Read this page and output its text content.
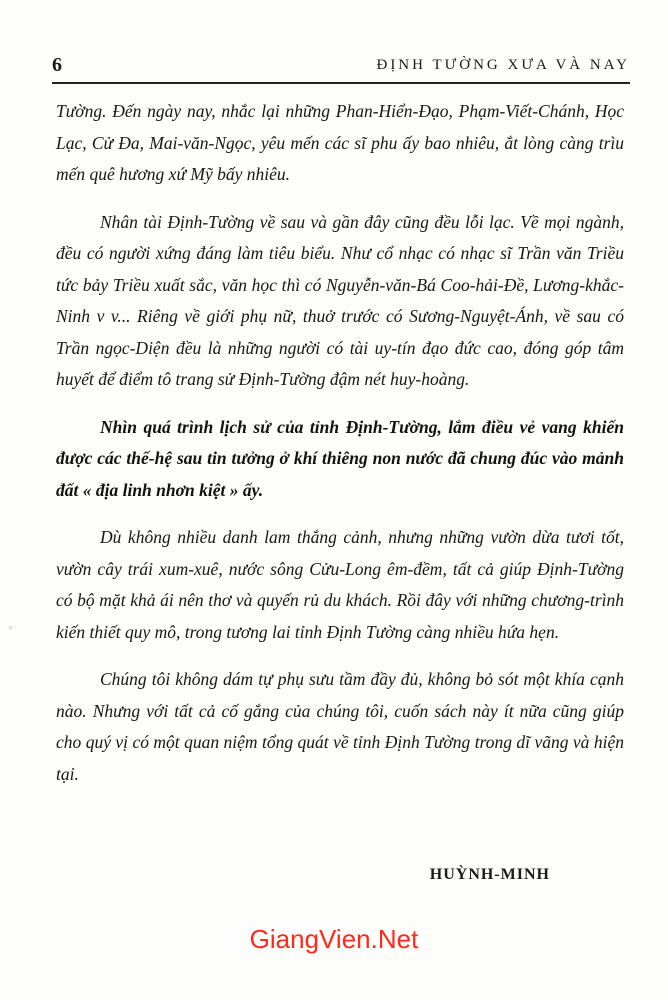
6	ĐỊNH TƯỜNG XƯA VÀ NAY

Tường. Đến ngày nay, nhắc lại những Phan-Hiển-Đạo, Phạm-Viết-Chánh, Học Lạc, Cử Đa, Mai-văn-Ngọc, yêu mến các sĩ phu ấy bao nhiêu, ắt lòng càng trìu mến quê hương xứ Mỹ bấy nhiêu.

Nhân tài Định-Tường về sau và gần đây cũng đều lỗi lạc. Về mọi ngành, đều có người xứng đáng làm tiêu biểu. Như cổ nhạc có nhạc sĩ Trần văn Triều tức bảy Triều xuất sắc, văn học thì có Nguyễn-văn-Bá Coo-hải-Đề, Lương-khắc-Ninh v v... Riêng về giới phụ nữ, thuở trước có Sương-Nguyệt-Ánh, về sau có Trần ngọc-Diện đều là những người có tài uy-tín đạo đức cao, đóng góp tâm huyết để điểm tô trang sử Định-Tường đậm nét huy-hoàng.

Nhìn quá trình lịch sử của tỉnh Định-Tường, lắm điều vẻ vang khiến được các thế-hệ sau tin tưởng ở khí thiêng non nước đã chung đúc vào mảnh đất « địa linh nhơn kiệt » ấy.

Dù không nhiều danh lam thắng cảnh, nhưng những vườn dừa tươi tốt, vườn cây trái xum-xuê, nước sông Cửu-Long êm-đềm, tất cả giúp Định-Tường có bộ mặt khả ái nên thơ và quyến rủ du khách. Rồi đây với những chương-trình kiến thiết quy mô, trong tương lai tỉnh Định Tường càng nhiều hứa hẹn.

Chúng tôi không dám tự phụ sưu tầm đầy đủ, không bỏ sót một khía cạnh nào. Nhưng với tất cả cố gắng của chúng tôi, cuốn sách này ít nữa cũng giúp cho quý vị có một quan niệm tổng quát về tỉnh Định Tường trong dĩ vãng và hiện tại.

HUỲNH-MINH
GiangVien.Net
◦
